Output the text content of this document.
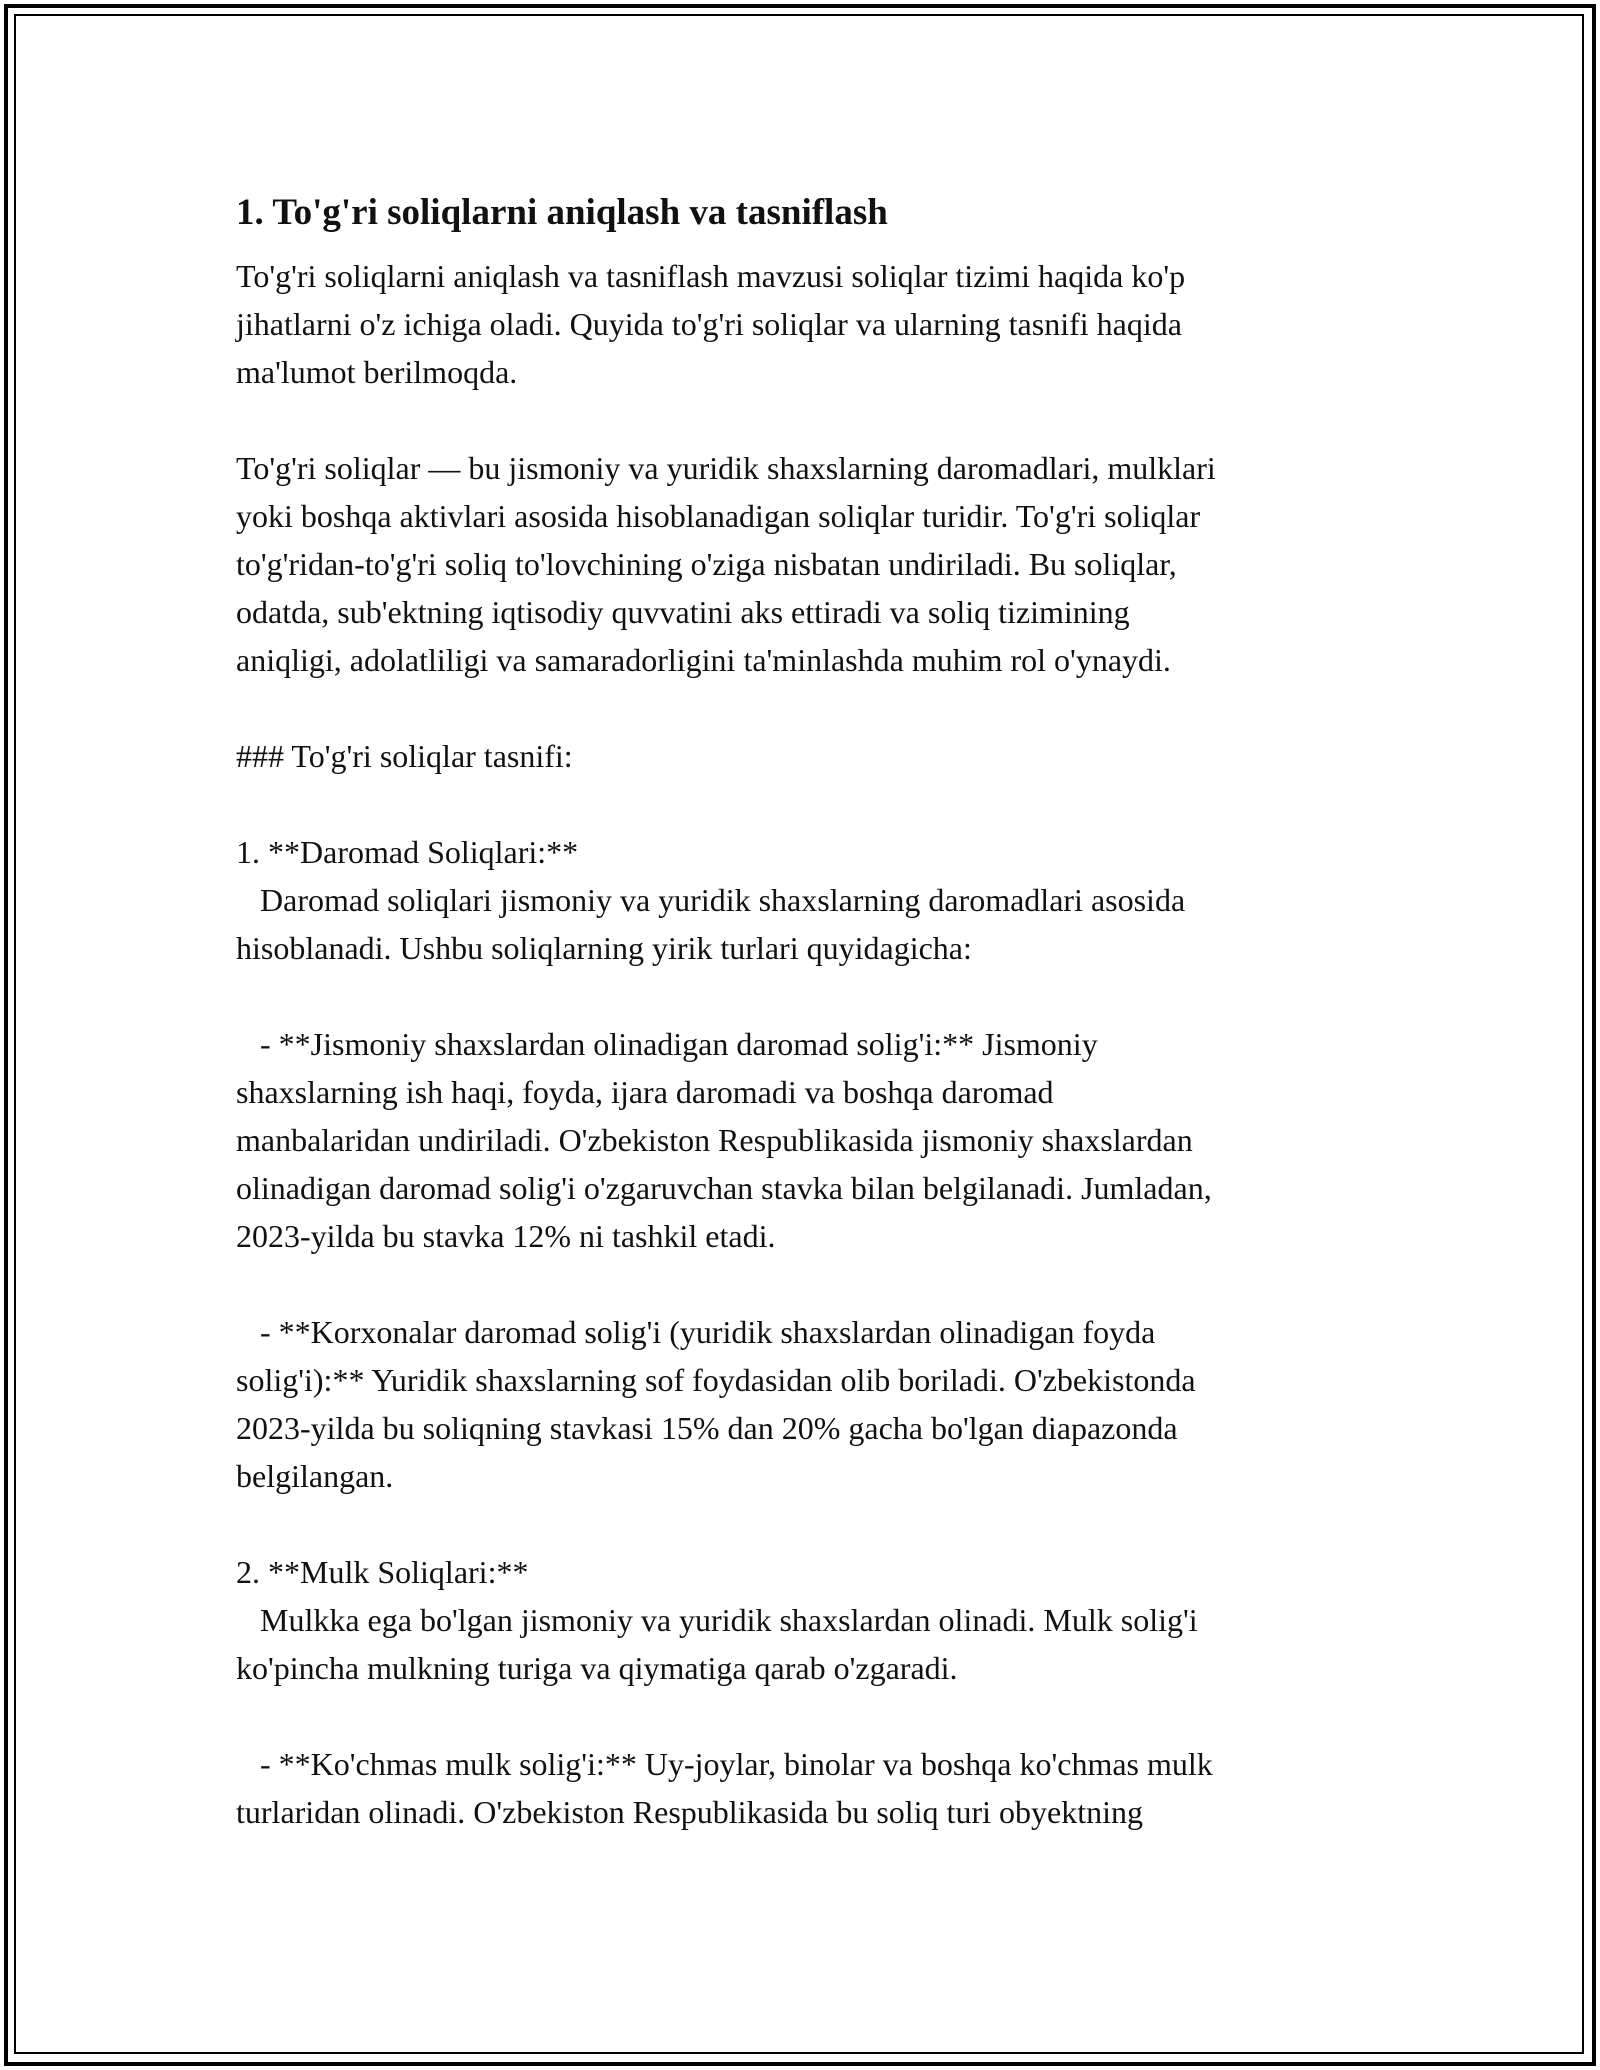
1. To'g'ri soliqlarni aniqlash va tasniflash
To'g'ri soliqlarni aniqlash va tasniflash mavzusi soliqlar tizimi haqida ko'p
jihatlarni o'z ichiga oladi. Quyida to'g'ri soliqlar va ularning tasnifi haqida
ma'lumot berilmoqda.
To'g'ri soliqlar — bu jismoniy va yuridik shaxslarning daromadlari, mulklari
yoki boshqa aktivlari asosida hisoblanadigan soliqlar turidir. To'g'ri soliqlar
to'g'ridan-to'g'ri soliq to'lovchining o'ziga nisbatan undiriladi. Bu soliqlar,
odatda, sub'ektning iqtisodiy quvvatini aks ettiradi va soliq tizimining
aniqligi, adolatliligi va samaradorligini ta'minlashda muhim rol o'ynaydi.
### To'g'ri soliqlar tasnifi:
1. **Daromad Soliqlari:**
Daromad soliqlari jismoniy va yuridik shaxslarning daromadlari asosida
hisoblanadi. Ushbu soliqlarning yirik turlari quyidagicha:
- **Jismoniy shaxslardan olinadigan daromad solig'i:** Jismoniy
shaxslarning ish haqi, foyda, ijara daromadi va boshqa daromad
manbalaridan undiriladi. O'zbekiston Respublikasida jismoniy shaxslardan
olinadigan daromad solig'i o'zgaruvchan stavka bilan belgilanadi. Jumladan,
2023-yilda bu stavka 12% ni tashkil etadi.
- **Korxonalar daromad solig'i (yuridik shaxslardan olinadigan foyda
solig'i):** Yuridik shaxslarning sof foydasidan olib boriladi. O'zbekistonda
2023-yilda bu soliqning stavkasi 15% dan 20% gacha bo'lgan diapazonda
belgilangan.
2. **Mulk Soliqlari:**
Mulkka ega bo'lgan jismoniy va yuridik shaxslardan olinadi. Mulk solig'i
ko'pincha mulkning turiga va qiymatiga qarab o'zgaradi.
- **Ko'chmas mulk solig'i:** Uy-joylar, binolar va boshqa ko'chmas mulk
turlaridan olinadi. O'zbekiston Respublikasida bu soliq turi obyektning
